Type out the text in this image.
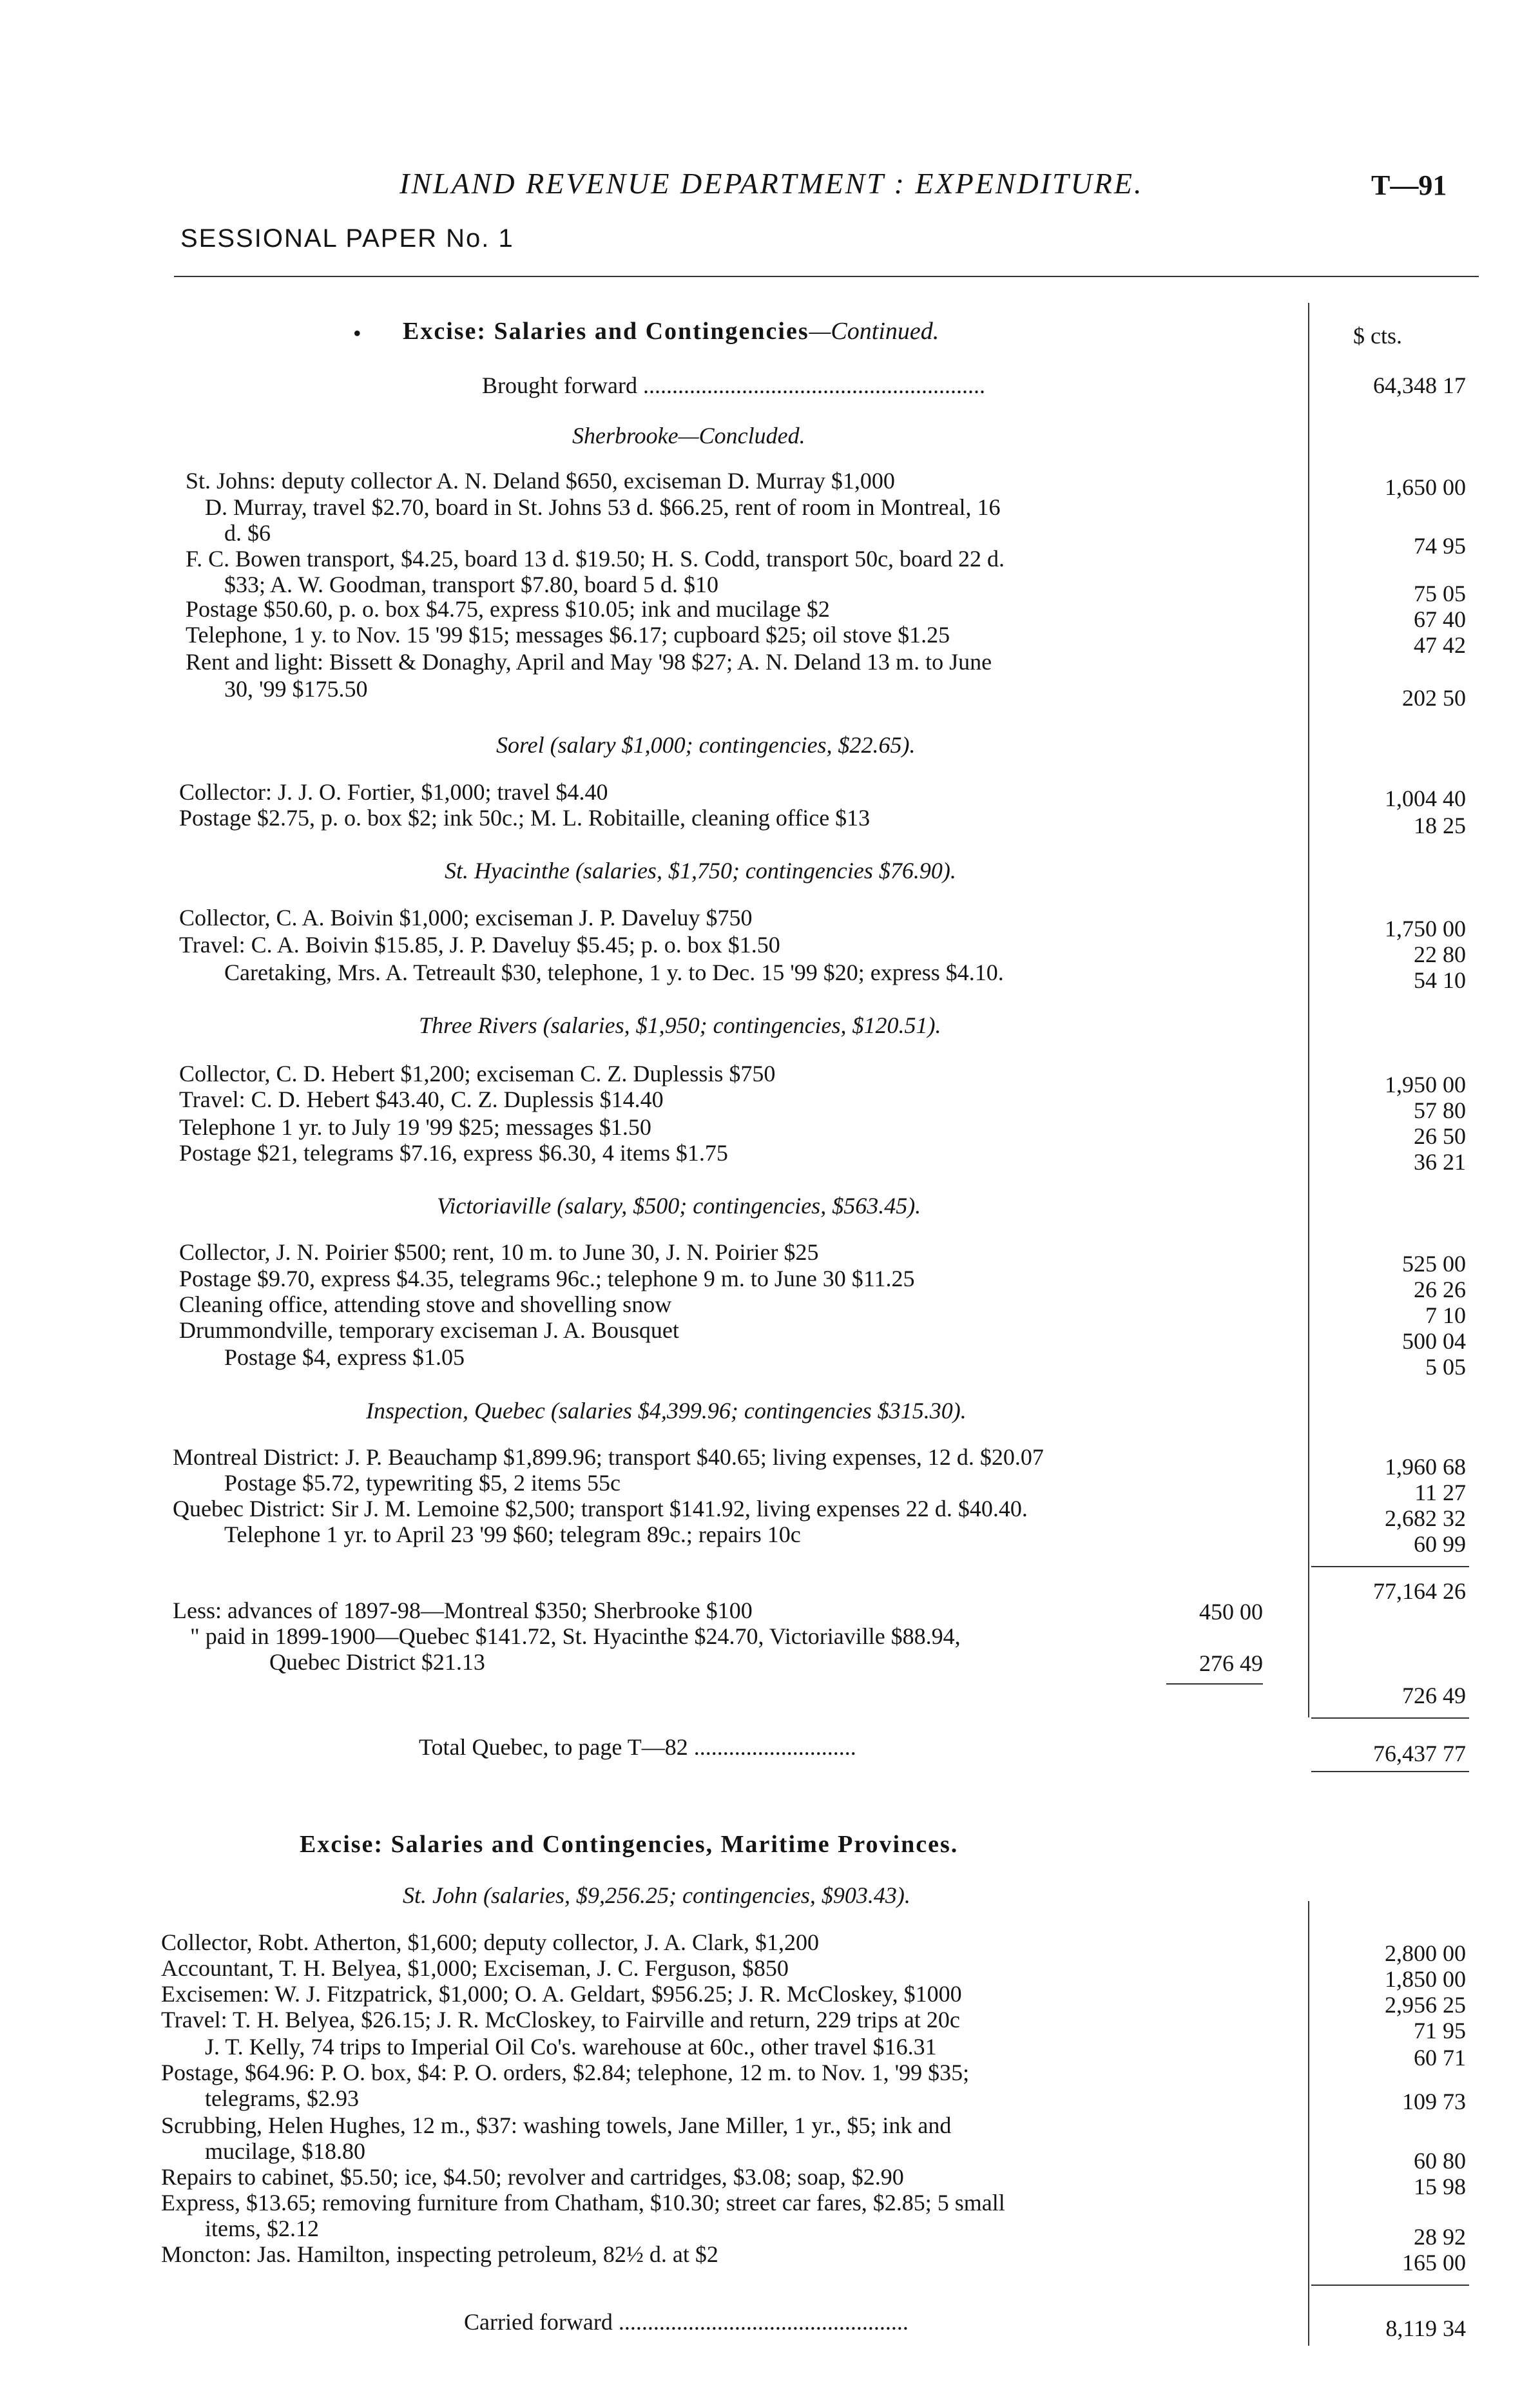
INLAND REVENUE DEPARTMENT : EXPENDITURE.	T—91
SESSIONAL PAPER No. 1
• Excise: Salaries and Contingencies—Continued.	$ cts.
Brought forward ...........................................................	64,348 17
Sherbrooke—Concluded.
St. Johns: deputy collector A. N. Deland $650, exciseman D. Murray $1,000	1,650 00
D. Murray, travel $2.70, board in St. Johns 53 d. $66.25, rent of room in Montreal, 16
d. $6	74 95
F. C. Bowen transport, $4.25, board 13 d. $19.50; H. S. Codd, transport 50c, board 22 d.
$33; A. W. Goodman, transport $7.80, board 5 d. $10	75 05
Postage $50.60, p. o. box $4.75, express $10.05; ink and mucilage $2	67 40
Telephone, 1 y. to Nov. 15 '99 $15; messages $6.17; cupboard $25; oil stove $1.25	47 42
Rent and light: Bissett & Donaghy, April and May '98 $27; A. N. Deland 13 m. to June
30, '99 $175.50	202 50
Sorel (salary $1,000; contingencies, $22.65).
Collector: J. J. O. Fortier, $1,000; travel $4.40	1,004 40
Postage $2.75, p. o. box $2; ink 50c.; M. L. Robitaille, cleaning office $13	18 25
St. Hyacinthe (salaries, $1,750; contingencies $76.90).
Collector, C. A. Boivin $1,000; exciseman J. P. Daveluy $750	1,750 00
Travel: C. A. Boivin $15.85, J. P. Daveluy $5.45; p. o. box $1.50	22 80
Caretaking, Mrs. A. Tetreault $30, telephone, 1 y. to Dec. 15 '99 $20; express $4.10.	54 10
Three Rivers (salaries, $1,950; contingencies, $120.51).
Collector, C. D. Hebert $1,200; exciseman C. Z. Duplessis $750	1,950 00
Travel: C. D. Hebert $43.40, C. Z. Duplessis $14.40	57 80
Telephone 1 yr. to July 19 '99 $25; messages $1.50	26 50
Postage $21, telegrams $7.16, express $6.30, 4 items $1.75	36 21
Victoriaville (salary, $500; contingencies, $563.45).
Collector, J. N. Poirier $500; rent, 10 m. to June 30, J. N. Poirier $25	525 00
Postage $9.70, express $4.35, telegrams 96c.; telephone 9 m. to June 30 $11.25	26 26
Cleaning office, attending stove and shovelling snow	7 10
Drummondville, temporary exciseman J. A. Bousquet	500 04
Postage $4, express $1.05	5 05
Inspection, Quebec (salaries $4,399.96; contingencies $315.30).
Montreal District: J. P. Beauchamp $1,899.96; transport $40.65; living expenses, 12 d. $20.07	1,960 68
Postage $5.72, typewriting $5, 2 items 55c	11 27
Quebec District: Sir J. M. Lemoine $2,500; transport $141.92, living expenses 22 d. $40.40.	2,682 32
Telephone 1 yr. to April 23 '99 $60; telegram 89c.; repairs 10c	60 99
77,164 26
Less: advances of 1897-98—Montreal $350; Sherbrooke $100	450 00
" paid in 1899-1900—Quebec $141.72, St. Hyacinthe $24.70, Victoriaville $88.94,
Quebec District $21.13	276 49
726 49
Total Quebec, to page T—82 ............................	76,437 77
Excise: Salaries and Contingencies, Maritime Provinces.
St. John (salaries, $9,256.25; contingencies, $903.43).
Collector, Robt. Atherton, $1,600; deputy collector, J. A. Clark, $1,200	2,800 00
Accountant, T. H. Belyea, $1,000; Exciseman, J. C. Ferguson, $850	1,850 00
Excisemen: W. J. Fitzpatrick, $1,000; O. A. Geldart, $956.25; J. R. McCloskey, $1000	2,956 25
Travel: T. H. Belyea, $26.15; J. R. McCloskey, to Fairville and return, 229 trips at 20c	71 95
J. T. Kelly, 74 trips to Imperial Oil Co's. warehouse at 60c., other travel $16.31	60 71
Postage, $64.96: P. O. box, $4: P. O. orders, $2.84; telephone, 12 m. to Nov. 1, '99 $35;
telegrams, $2.93	109 73
Scrubbing, Helen Hughes, 12 m., $37: washing towels, Jane Miller, 1 yr., $5; ink and
mucilage, $18.80	60 80
Repairs to cabinet, $5.50; ice, $4.50; revolver and cartridges, $3.08; soap, $2.90	15 98
Express, $13.65; removing furniture from Chatham, $10.30; street car fares, $2.85; 5 small
items, $2.12	28 92
Moncton: Jas. Hamilton, inspecting petroleum, 82½ d. at $2	165 00
Carried forward ..................................................	8,119 34
